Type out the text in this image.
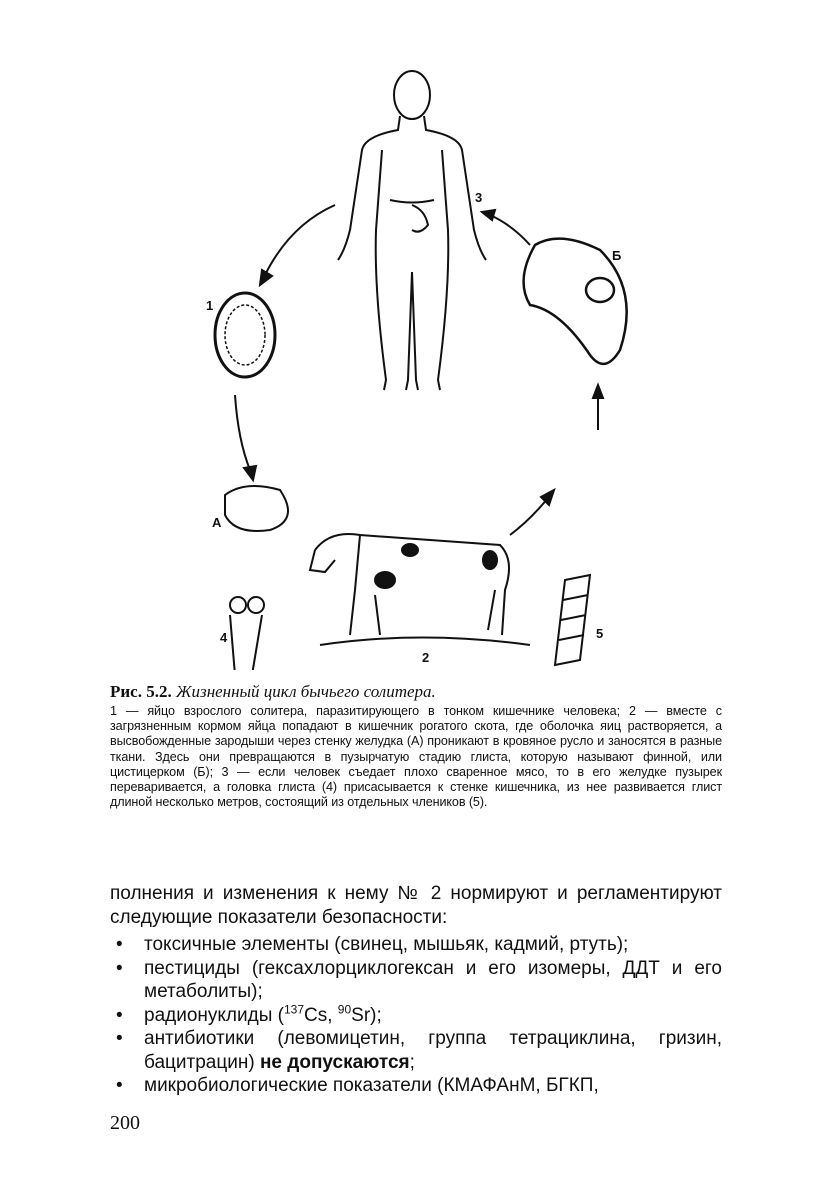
3
Б
1
А
4
2
5
Рис. 5.2. Жизненный цикл бычьего солитера.
1 — яйцо взрослого солитера, паразитирующего в тонком кишечнике человека; 2 — вместе с загрязненным кормом яйца попадают в кишечник рогатого скота, где оболочка яиц растворяется, а высвобожденные зародыши через стенку желудка (А) проникают в кровяное русло и заносятся в разные ткани. Здесь они превращаются в пузырчатую стадию глиста, которую называют финной, или цистицерком (Б); 3 — если человек съедает плохо сваренное мясо, то в его желудке пузырек переваривается, а головка глиста (4) присасывается к стенке кишечника, из нее развивается глист длиной несколько метров, состоящий из отдельных члеников (5).

полнения и изменения к нему № 2 нормируют и регламентируют следующие показатели безопасности:

• токсичные элементы (свинец, мышьяк, кадмий, ртуть);
• пестициды (гексахлорциклогексан и его изомеры, ДДТ и его метаболиты);
• радионуклиды ($^{137}$Cs, $^{90}$Sr);
• антибиотики (левомицетин, группа тетрациклина, гризин, бацитрацин) не допускаются;
• микробиологические показатели (КМАФАнМ, БГКП,
200
